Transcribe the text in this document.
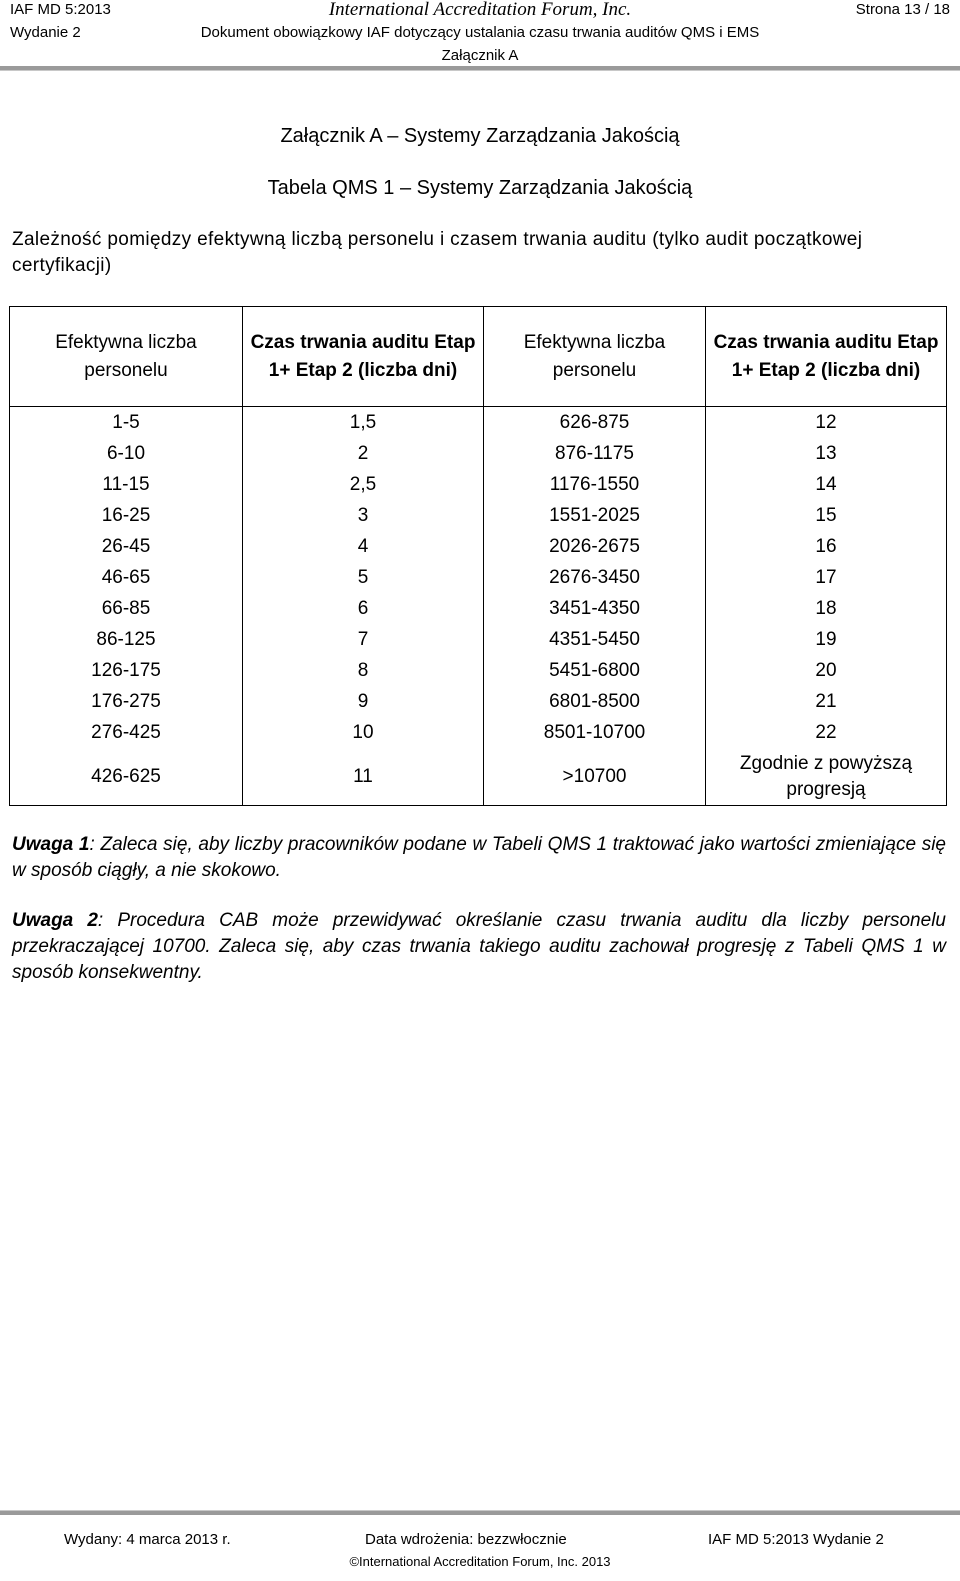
IAF MD 5:2013	International Accreditation Forum, Inc.	Strona 13 / 18
Wydanie 2	Dokument obowiązkowy IAF dotyczący ustalania czasu trwania auditów QMS i EMS
Załącznik A
Załącznik A – Systemy Zarządzania Jakością
Tabela QMS 1 – Systemy Zarządzania Jakością
Zależność pomiędzy efektywną liczbą personelu i czasem trwania auditu (tylko audit początkowej certyfikacji)
Efektywna liczba personelu	Czas trwania auditu Etap 1+ Etap 2 (liczba dni)	Efektywna liczba personelu	Czas trwania auditu Etap 1+ Etap 2 (liczba dni)
1-5	1,5	626-875	12
6-10	2	876-1175	13
11-15	2,5	1176-1550	14
16-25	3	1551-2025	15
26-45	4	2026-2675	16
46-65	5	2676-3450	17
66-85	6	3451-4350	18
86-125	7	4351-5450	19
126-175	8	5451-6800	20
176-275	9	6801-8500	21
276-425	10	8501-10700	22
426-625	11	>10700	Zgodnie z powyższą progresją
Uwaga 1: Zaleca się, aby liczby pracowników podane w Tabeli QMS 1 traktować jako wartości zmieniające się w sposób ciągły, a nie skokowo.
Uwaga 2: Procedura CAB może przewidywać określanie czasu trwania auditu dla liczby personelu przekraczającej 10700. Zaleca się, aby czas trwania takiego auditu zachował progresję z Tabeli QMS 1 w sposób konsekwentny.
Wydany: 4 marca 2013 r.	Data wdrożenia: bezzwłocznie	IAF MD 5:2013 Wydanie 2
©International Accreditation Forum, Inc. 2013
